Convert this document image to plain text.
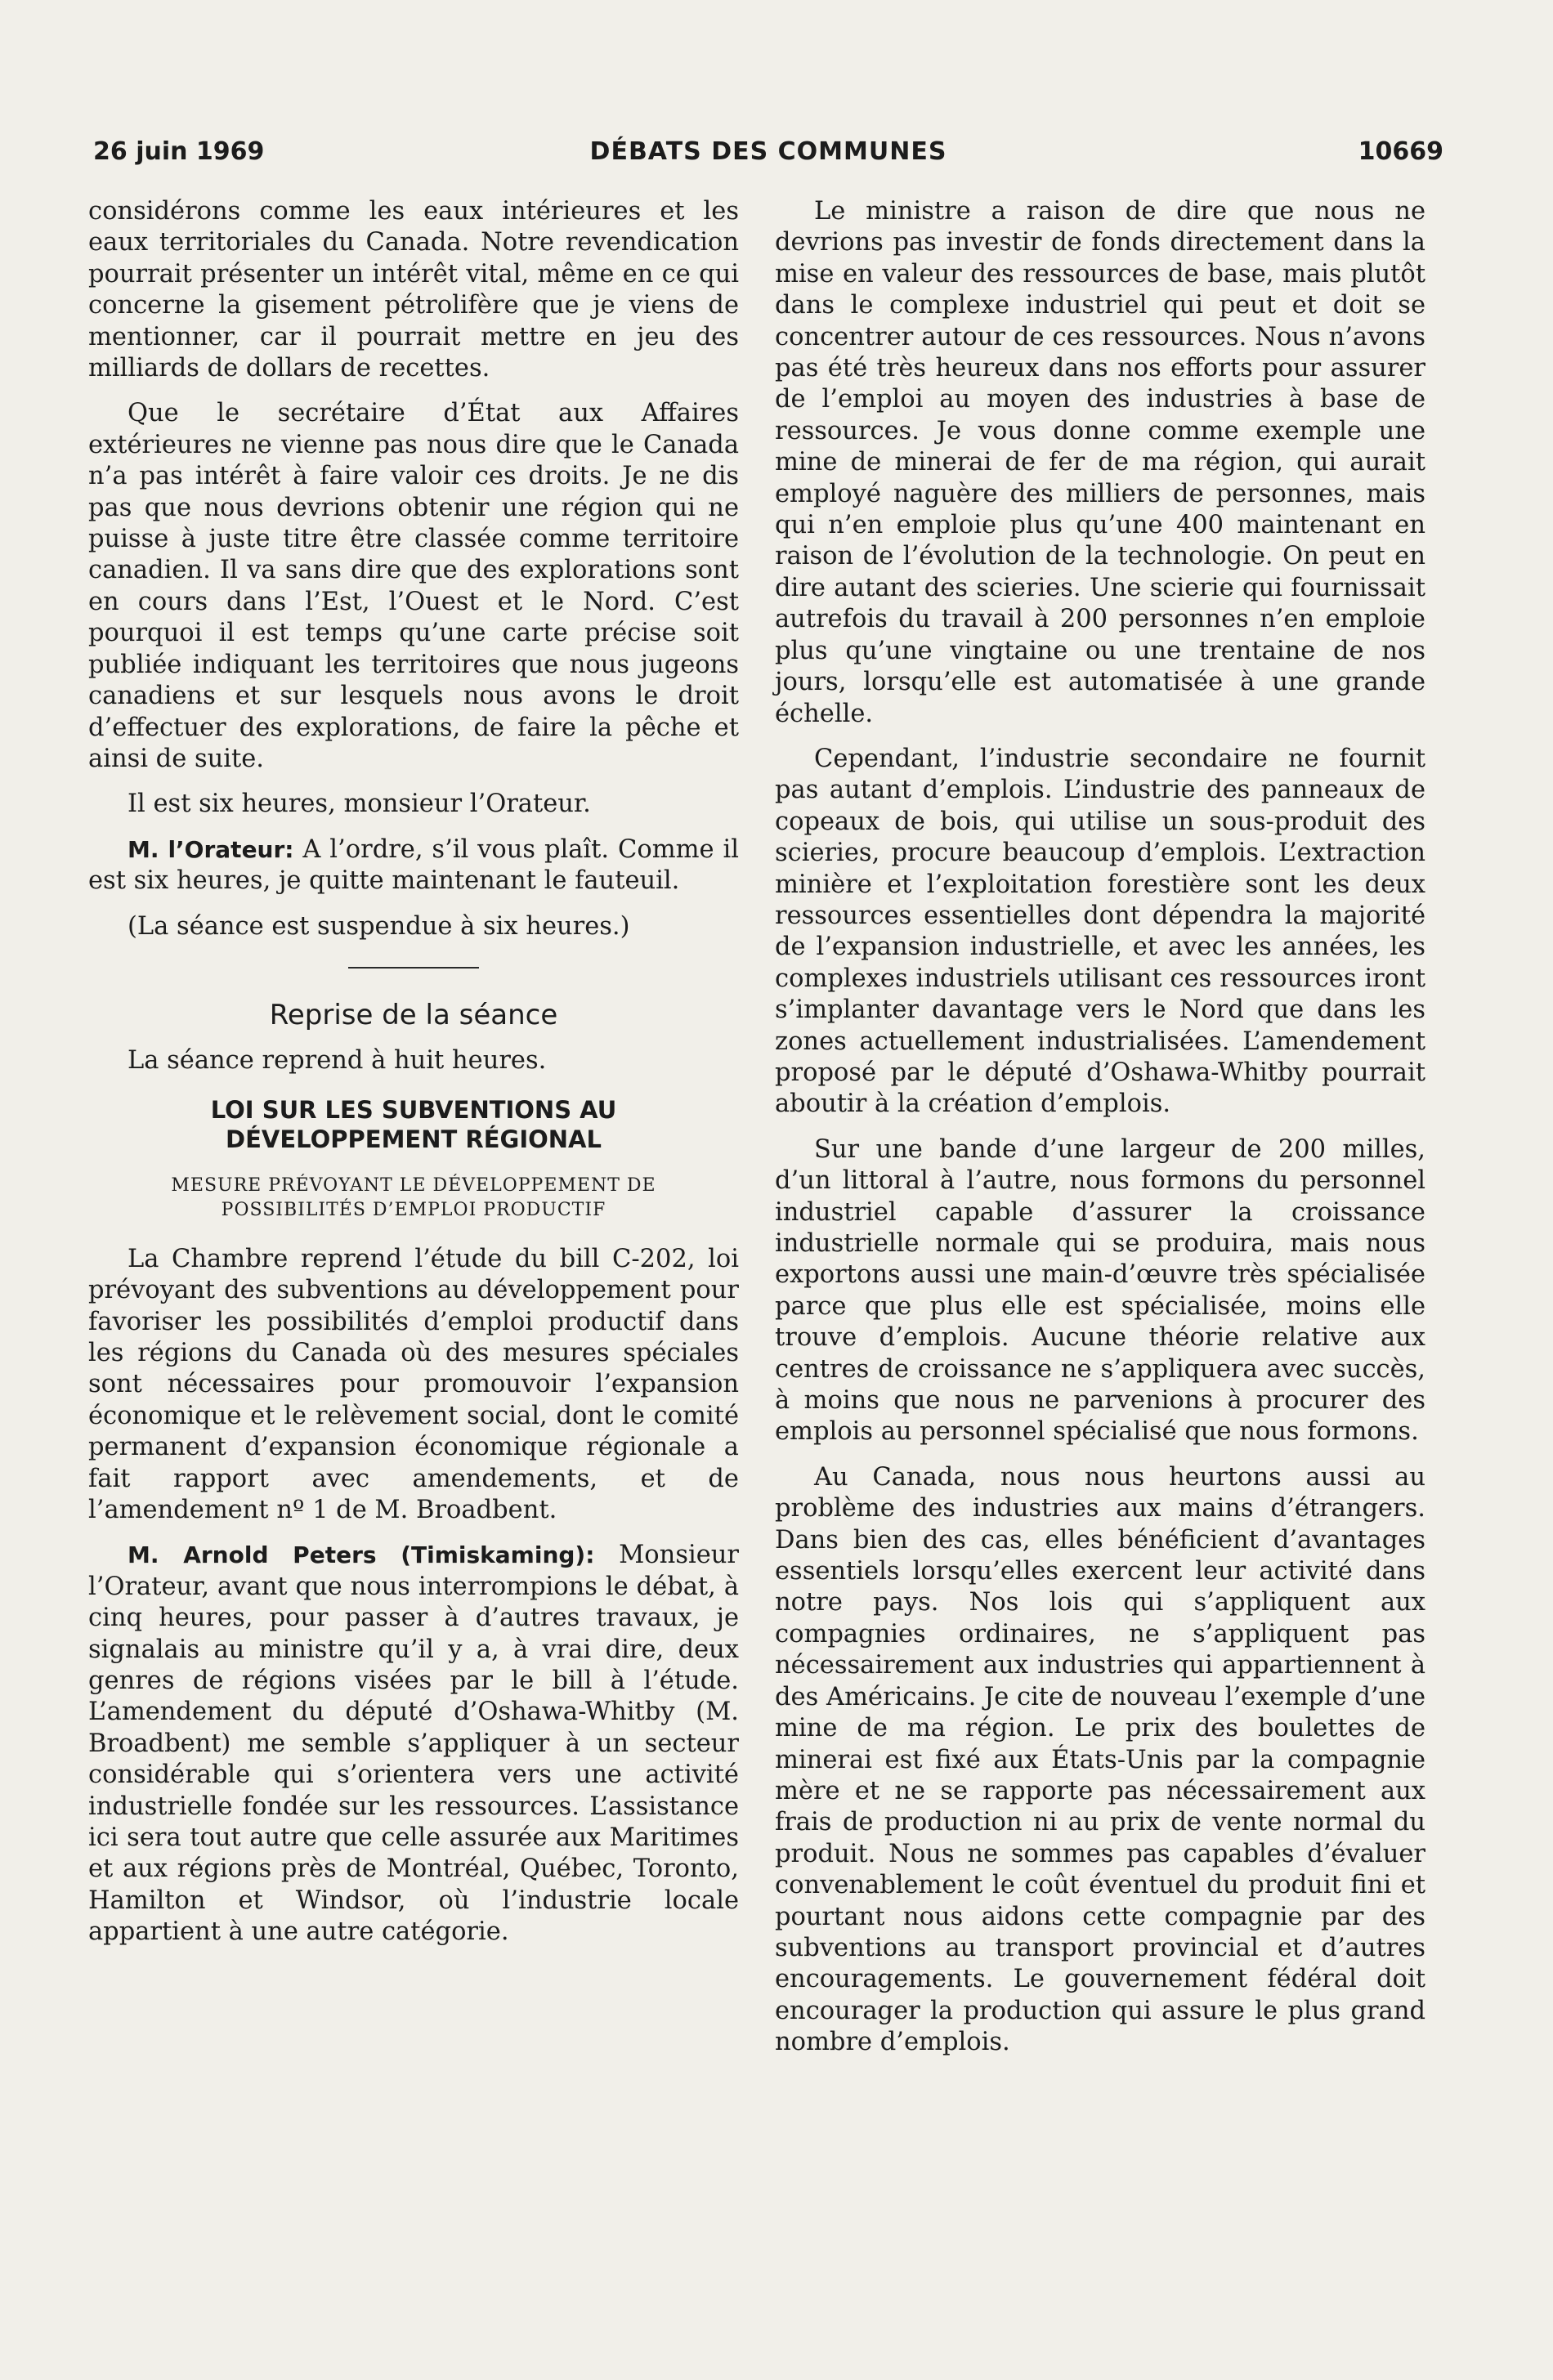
26 juin 1969	DÉBATS DES COMMUNES	10669

considérons comme les eaux intérieures et les eaux territoriales du Canada. Notre revendication pourrait présenter un intérêt vital, même en ce qui concerne la gisement pétrolifère que je viens de mentionner, car il pourrait mettre en jeu des milliards de dollars de recettes.

Que le secrétaire d’État aux Affaires extérieures ne vienne pas nous dire que le Canada n’a pas intérêt à faire valoir ces droits. Je ne dis pas que nous devrions obtenir une région qui ne puisse à juste titre être classée comme territoire canadien. Il va sans dire que des explorations sont en cours dans l’Est, l’Ouest et le Nord. C’est pourquoi il est temps qu’une carte précise soit publiée indiquant les territoires que nous jugeons canadiens et sur lesquels nous avons le droit d’effectuer des explorations, de faire la pêche et ainsi de suite.

Il est six heures, monsieur l’Orateur.

M. l’Orateur: A l’ordre, s’il vous plaît. Comme il est six heures, je quitte maintenant le fauteuil.

(La séance est suspendue à six heures.)

Reprise de la séance

La séance reprend à huit heures.

LOI SUR LES SUBVENTIONS AU
DÉVELOPPEMENT RÉGIONAL
MESURE PRÉVOYANT LE DÉVELOPPEMENT DE
POSSIBILITÉS D’EMPLOI PRODUCTIF

La Chambre reprend l’étude du bill C-202, loi prévoyant des subventions au développement pour favoriser les possibilités d’emploi productif dans les régions du Canada où des mesures spéciales sont nécessaires pour promouvoir l’expansion économique et le relèvement social, dont le comité permanent d’expansion économique régionale a fait rapport avec amendements, et de l’amendement nº 1 de M. Broadbent.

M. Arnold Peters (Timiskaming): Monsieur l’Orateur, avant que nous interrompions le débat, à cinq heures, pour passer à d’autres travaux, je signalais au ministre qu’il y a, à vrai dire, deux genres de régions visées par le bill à l’étude. L’amendement du député d’Oshawa-Whitby (M. Broadbent) me semble s’appliquer à un secteur considérable qui s’orientera vers une activité industrielle fondée sur les ressources. L’assistance ici sera tout autre que celle assurée aux Maritimes et aux régions près de Montréal, Québec, Toronto, Hamilton et Windsor, où l’industrie locale appartient à une autre catégorie.

Le ministre a raison de dire que nous ne devrions pas investir de fonds directement dans la mise en valeur des ressources de base, mais plutôt dans le complexe industriel qui peut et doit se concentrer autour de ces ressources. Nous n’avons pas été très heureux dans nos efforts pour assurer de l’emploi au moyen des industries à base de ressources. Je vous donne comme exemple une mine de minerai de fer de ma région, qui aurait employé naguère des milliers de personnes, mais qui n’en emploie plus qu’une 400 maintenant en raison de l’évolution de la technologie. On peut en dire autant des scieries. Une scierie qui fournissait autrefois du travail à 200 personnes n’en emploie plus qu’une vingtaine ou une trentaine de nos jours, lorsqu’elle est automatisée à une grande échelle.

Cependant, l’industrie secondaire ne fournit pas autant d’emplois. L’industrie des panneaux de copeaux de bois, qui utilise un sous-produit des scieries, procure beaucoup d’emplois. L’extraction minière et l’exploitation forestière sont les deux ressources essentielles dont dépendra la majorité de l’expansion industrielle, et avec les années, les complexes industriels utilisant ces ressources iront s’implanter davantage vers le Nord que dans les zones actuellement industrialisées. L’amendement proposé par le député d’Oshawa-Whitby pourrait aboutir à la création d’emplois.

Sur une bande d’une largeur de 200 milles, d’un littoral à l’autre, nous formons du personnel industriel capable d’assurer la croissance industrielle normale qui se produira, mais nous exportons aussi une main-d’œuvre très spécialisée parce que plus elle est spécialisée, moins elle trouve d’emplois. Aucune théorie relative aux centres de croissance ne s’appliquera avec succès, à moins que nous ne parvenions à procurer des emplois au personnel spécialisé que nous formons.

Au Canada, nous nous heurtons aussi au problème des industries aux mains d’étrangers. Dans bien des cas, elles bénéficient d’avantages essentiels lorsqu’elles exercent leur activité dans notre pays. Nos lois qui s’appliquent aux compagnies ordinaires, ne s’appliquent pas nécessairement aux industries qui appartiennent à des Américains. Je cite de nouveau l’exemple d’une mine de ma région. Le prix des boulettes de minerai est fixé aux États-Unis par la compagnie mère et ne se rapporte pas nécessairement aux frais de production ni au prix de vente normal du produit. Nous ne sommes pas capables d’évaluer convenablement le coût éventuel du produit fini et pourtant nous aidons cette compagnie par des subventions au transport provincial et d’autres encouragements. Le gouvernement fédéral doit encourager la production qui assure le plus grand nombre d’emplois.
